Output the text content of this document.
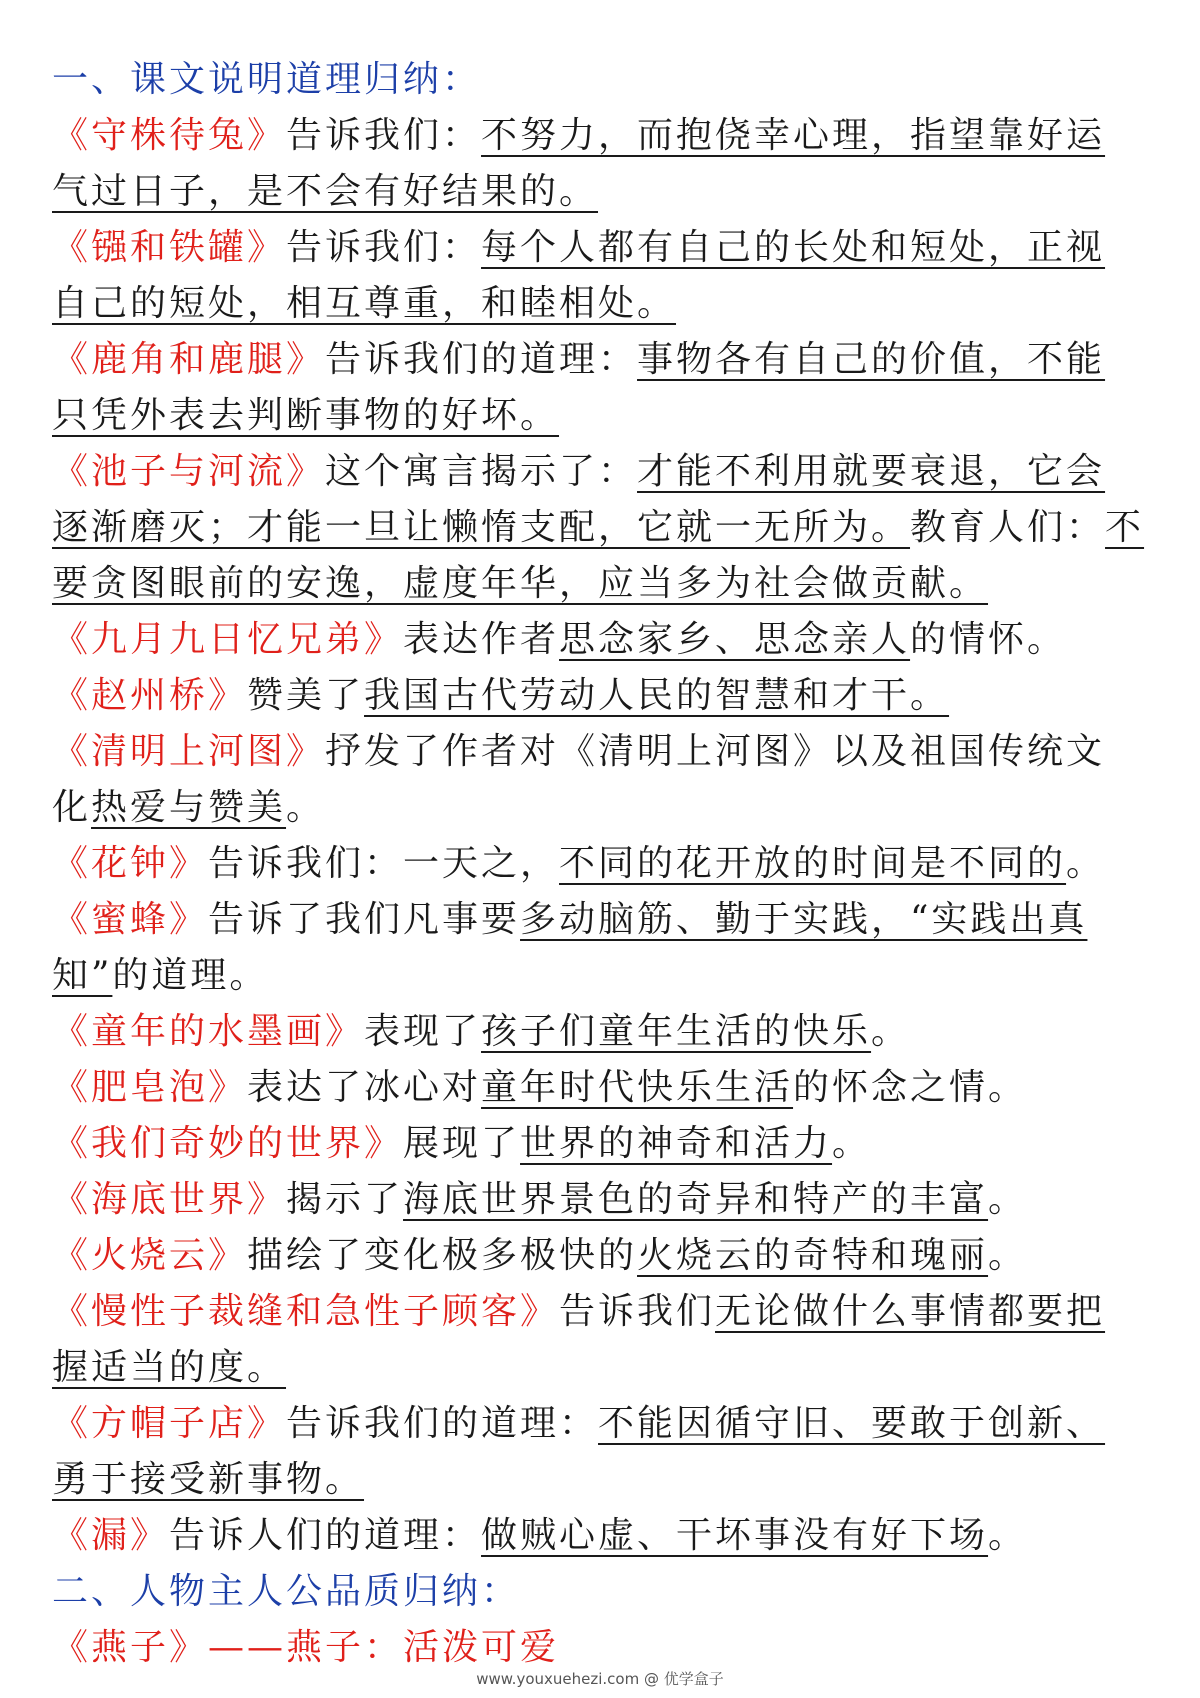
一、课文说明道理归纳：
《守株待兔》告诉我们：不努力，而抱侥幸心理，指望靠好运
气过日子，是不会有好结果的。
《镪和铁罐》告诉我们：每个人都有自己的长处和短处，正视
自己的短处，相互尊重，和睦相处。
《鹿角和鹿腿》告诉我们的道理：事物各有自己的价值，不能
只凭外表去判断事物的好坏。
《池子与河流》这个寓言揭示了：才能不利用就要衰退，它会
逐渐磨灭；才能一旦让懒惰支配，它就一无所为。教育人们：不
要贪图眼前的安逸，虚度年华，应当多为社会做贡献。
《九月九日忆兄弟》表达作者思念家乡、思念亲人的情怀。
《赵州桥》赞美了我国古代劳动人民的智慧和才干。
《清明上河图》抒发了作者对《清明上河图》以及祖国传统文
化热爱与赞美。
《花钟》告诉我们：一天之，不同的花开放的时间是不同的。
《蜜蜂》告诉了我们凡事要多动脑筋、勤于实践，“实践出真
知”的道理。
《童年的水墨画》表现了孩子们童年生活的快乐。
《肥皂泡》表达了冰心对童年时代快乐生活的怀念之情。
《我们奇妙的世界》展现了世界的神奇和活力。
《海底世界》揭示了海底世界景色的奇异和特产的丰富。
《火烧云》描绘了变化极多极快的火烧云的奇特和瑰丽。
《慢性子裁缝和急性子顾客》告诉我们无论做什么事情都要把
握适当的度。
《方帽子店》告诉我们的道理：不能因循守旧、要敢于创新、
勇于接受新事物。
《漏》告诉人们的道理：做贼心虚、干坏事没有好下场。
二、人物主人公品质归纳：
《燕子》——燕子：活泼可爱
www.youxuehezi.com @ 优学盒子
